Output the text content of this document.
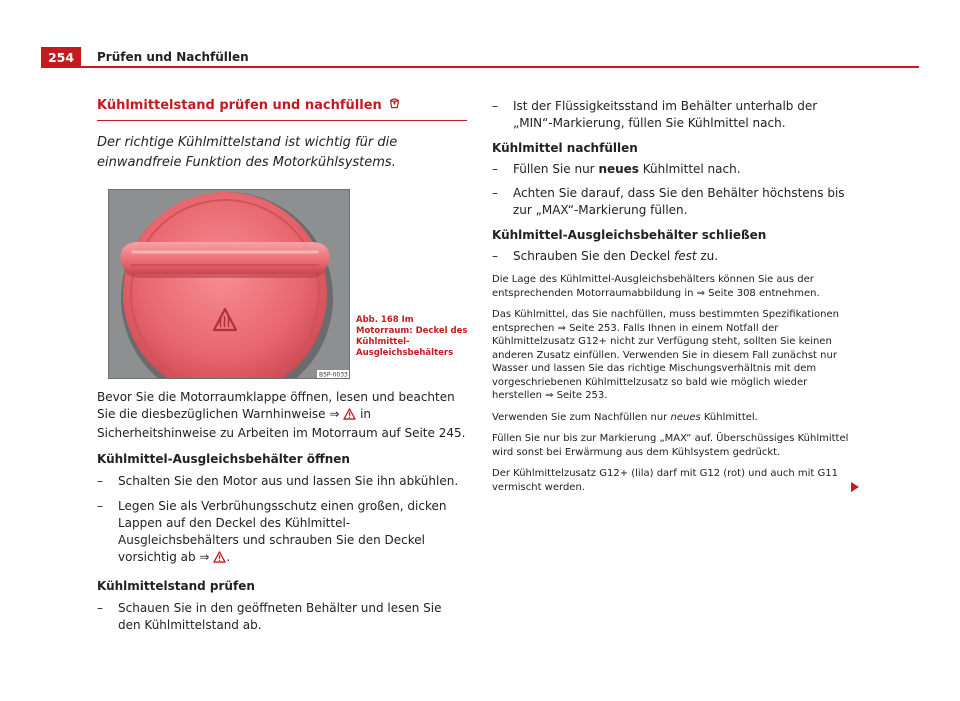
254	Prüfen und Nachfüllen
Kühlmittelstand prüfen und nachfüllen
Der richtige Kühlmittelstand ist wichtig für die einwandfreie Funktion des Motorkühlsystems.
B5P-0033
Abb. 168 Im Motorraum: Deckel des Kühlmittel-Ausgleichsbehälters
Bevor Sie die Motorraumklappe öffnen, lesen und beachten Sie die diesbezüglichen Warnhinweise ⇒  in Sicherheitshinweise zu Arbeiten im Motorraum auf Seite 245.
Kühlmittel-Ausgleichsbehälter öffnen
– Schalten Sie den Motor aus und lassen Sie ihn abkühlen.
– Legen Sie als Verbrühungsschutz einen großen, dicken Lappen auf den Deckel des Kühlmittel-Ausgleichsbehälters und schrauben Sie den Deckel vorsichtig ab ⇒ .
Kühlmittelstand prüfen
– Schauen Sie in den geöffneten Behälter und lesen Sie den Kühlmittelstand ab.
– Ist der Flüssigkeitsstand im Behälter unterhalb der „MIN“-Markierung, füllen Sie Kühlmittel nach.
Kühlmittel nachfüllen
– Füllen Sie nur neues Kühlmittel nach.
– Achten Sie darauf, dass Sie den Behälter höchstens bis zur „MAX“-Markierung füllen.
Kühlmittel-Ausgleichsbehälter schließen
– Schrauben Sie den Deckel fest zu.
Die Lage des Kühlmittel-Ausgleichsbehälters können Sie aus der entsprechenden Motorraumabbildung in ⇒ Seite 308 entnehmen.
Das Kühlmittel, das Sie nachfüllen, muss bestimmten Spezifikationen entsprechen ⇒ Seite 253. Falls Ihnen in einem Notfall der Kühlmittelzusatz G12+ nicht zur Verfügung steht, sollten Sie keinen anderen Zusatz einfüllen. Verwenden Sie in diesem Fall zunächst nur Wasser und lassen Sie das richtige Mischungsverhältnis mit dem vorgeschriebenen Kühlmittelzusatz so bald wie möglich wieder herstellen ⇒ Seite 253.
Verwenden Sie zum Nachfüllen nur neues Kühlmittel.
Füllen Sie nur bis zur Markierung „MAX“ auf. Überschüssiges Kühlmittel wird sonst bei Erwärmung aus dem Kühlsystem gedrückt.
Der Kühlmittelzusatz G12+ (lila) darf mit G12 (rot) und auch mit G11 vermischt werden.
